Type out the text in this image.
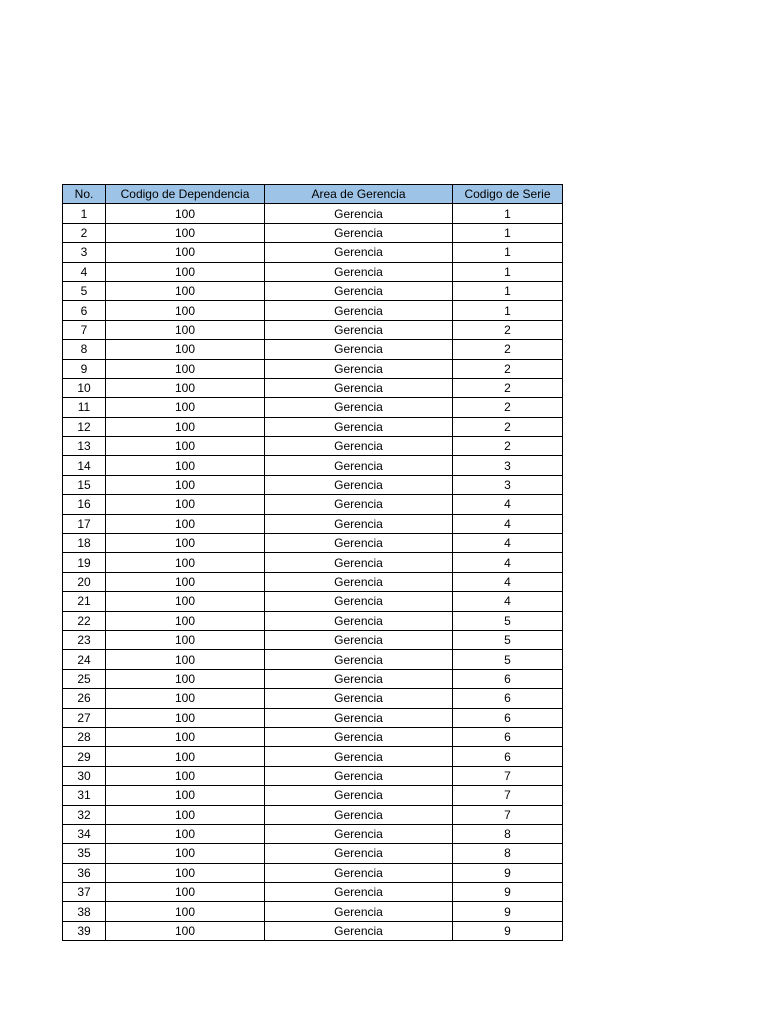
No.	Codigo de Dependencia	Area de Gerencia	Codigo de Serie
1	100	Gerencia	1
2	100	Gerencia	1
3	100	Gerencia	1
4	100	Gerencia	1
5	100	Gerencia	1
6	100	Gerencia	1
7	100	Gerencia	2
8	100	Gerencia	2
9	100	Gerencia	2
10	100	Gerencia	2
11	100	Gerencia	2
12	100	Gerencia	2
13	100	Gerencia	2
14	100	Gerencia	3
15	100	Gerencia	3
16	100	Gerencia	4
17	100	Gerencia	4
18	100	Gerencia	4
19	100	Gerencia	4
20	100	Gerencia	4
21	100	Gerencia	4
22	100	Gerencia	5
23	100	Gerencia	5
24	100	Gerencia	5
25	100	Gerencia	6
26	100	Gerencia	6
27	100	Gerencia	6
28	100	Gerencia	6
29	100	Gerencia	6
30	100	Gerencia	7
31	100	Gerencia	7
32	100	Gerencia	7
34	100	Gerencia	8
35	100	Gerencia	8
36	100	Gerencia	9
37	100	Gerencia	9
38	100	Gerencia	9
39	100	Gerencia	9
